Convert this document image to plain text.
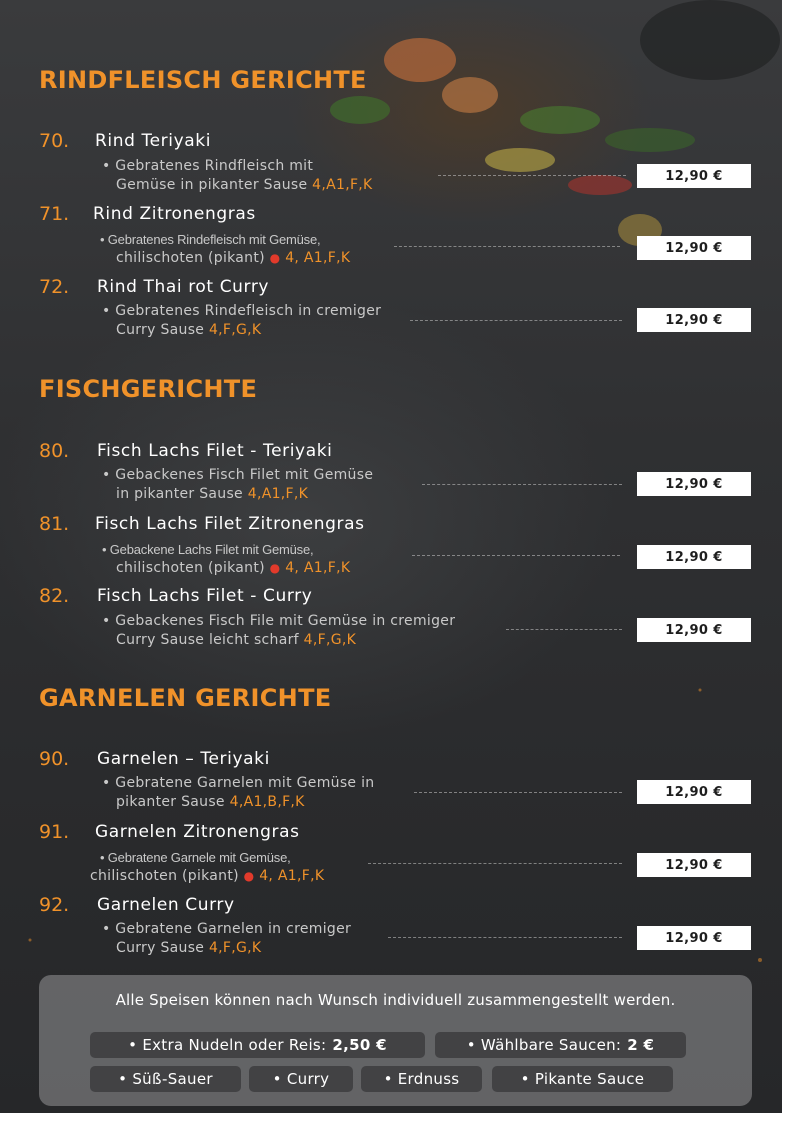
RINDFLEISCH GERICHTE
70. Rind Teriyaki
• Gebratenes Rindfleisch mit
Gemüse in pikanter Sause 4,A1,F,K
12,90 €
71. Rind Zitronengras
• Gebratenes Rindefleisch mit Gemüse,
chilischoten (pikant) ● 4, A1,F,K
12,90 €
72. Rind Thai rot Curry
• Gebratenes Rindefleisch in cremiger
Curry Sause 4,F,G,K
12,90 €
FISCHGERICHTE
80. Fisch Lachs Filet - Teriyaki
• Gebackenes Fisch Filet mit Gemüse
in pikanter Sause 4,A1,F,K
12,90 €
81. Fisch Lachs Filet Zitronengras
• Gebackene Lachs Filet mit Gemüse,
chilischoten (pikant) ● 4, A1,F,K
12,90 €
82. Fisch Lachs Filet - Curry
• Gebackenes Fisch File mit Gemüse in cremiger
Curry Sause leicht scharf 4,F,G,K
12,90 €
GARNELEN GERICHTE
90. Garnelen – Teriyaki
• Gebratene Garnelen mit Gemüse in
pikanter Sause 4,A1,B,F,K
12,90 €
91. Garnelen Zitronengras
• Gebratene Garnele mit Gemüse,
chilischoten (pikant) ● 4, A1,F,K
12,90 €
92. Garnelen Curry
• Gebratene Garnelen in cremiger
Curry Sause 4,F,G,K
12,90 €
Alle Speisen können nach Wunsch individuell zusammengestellt werden.
• Extra Nudeln oder Reis: 2,50 €	• Wählbare Saucen: 2 €
• Süß-Sauer	• Curry	• Erdnuss	• Pikante Sauce
